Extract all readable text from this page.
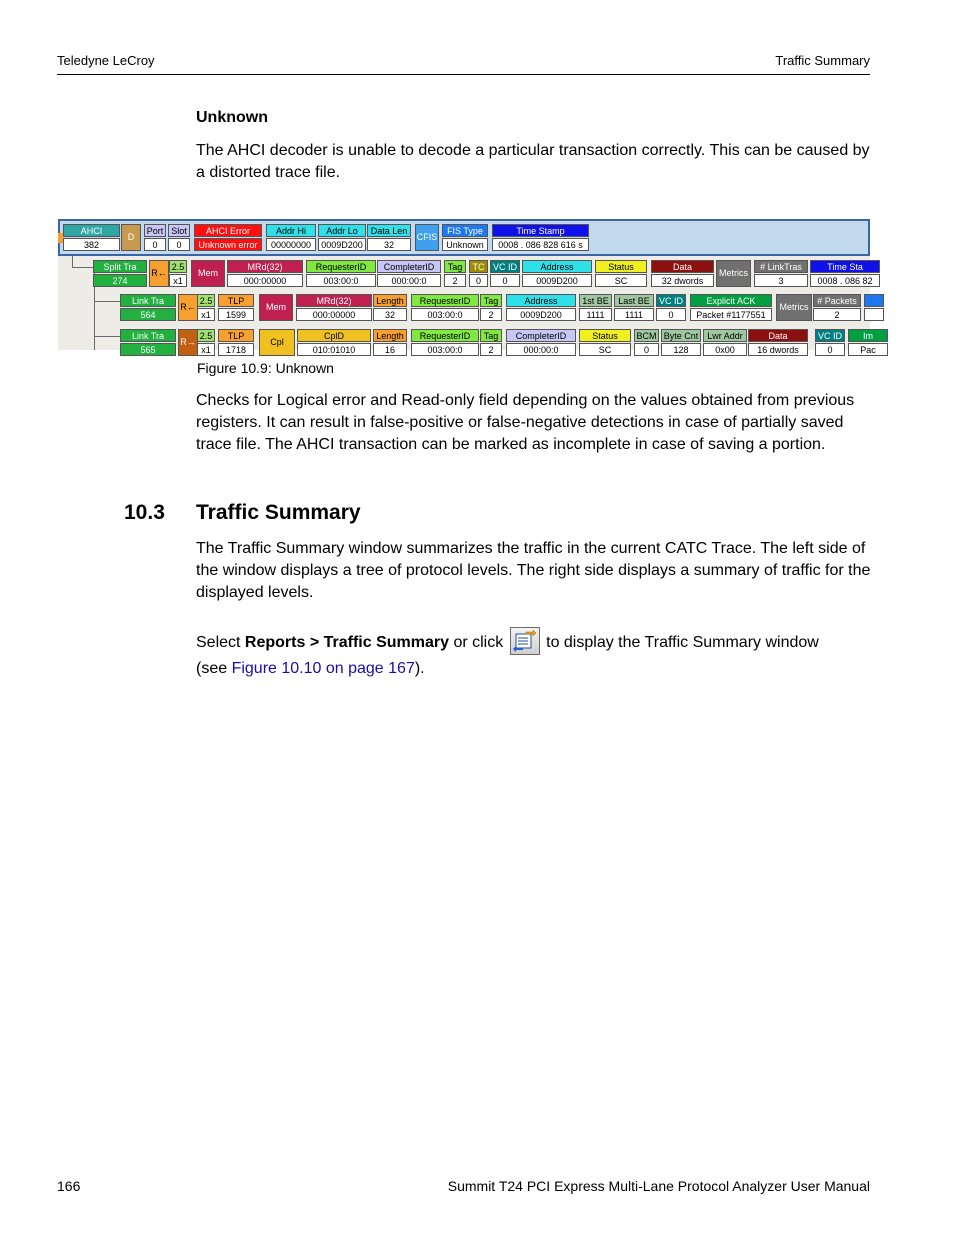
Teledyne LeCroy	Traffic Summary
Unknown
The AHCI decoder is unable to decode a particular transaction correctly. This can be caused by a distorted trace file.
AHCI
382
D
Port
0
Slot
0
AHCI Error
Unknown error
Addr Hi
00000000
Addr Lo
0009D200
Data Len
32
CFIS
FIS Type
Unknown
Time Stamp
0008 . 086 828 616 s
Split Tra
274
R←
2.5
x1
Mem
MRd(32)
000:00000
RequesterID
003:00:0
CompleterID
000:00:0
Tag
2
TC
0
VC ID
0
Address
0009D200
Status
SC
Data
32 dwords
Metrics
# LinkTras
3
Time Sta
0008 . 086 82
Link Tra
564
R←
2.5
x1
TLP
1599
Mem
MRd(32)
000:00000
Length
32
RequesterID
003:00:0
Tag
2
Address
0009D200
1st BE
1111
Last BE
1111
VC ID
0
Explicit ACK
Packet #1177551
Metrics
# Packets
2
Link Tra
565
R→
2.5
x1
TLP
1718
Cpl
CplD
010:01010
Length
16
RequesterID
003:00:0
Tag
2
CompleterID
000:00:0
Status
SC
BCM
0
Byte Cnt
128
Lwr Addr
0x00
Data
16 dwords
VC ID
0
Im
Pac
Figure 10.9: Unknown
Checks for Logical error and Read-only field depending on the values obtained from previous registers. It can result in false-positive or false-negative detections in case of partially saved trace file. The AHCI transaction can be marked as incomplete in case of saving a portion.
10.3 Traffic Summary
The Traffic Summary window summarizes the traffic in the current CATC Trace. The left side of the window displays a tree of protocol levels. The right side displays a summary of traffic for the displayed levels.
Select Reports > Traffic Summary or click
to display the Traffic Summary window
(see Figure 10.10 on page 167).
166	Summit T24 PCI Express Multi-Lane Protocol Analyzer User Manual
